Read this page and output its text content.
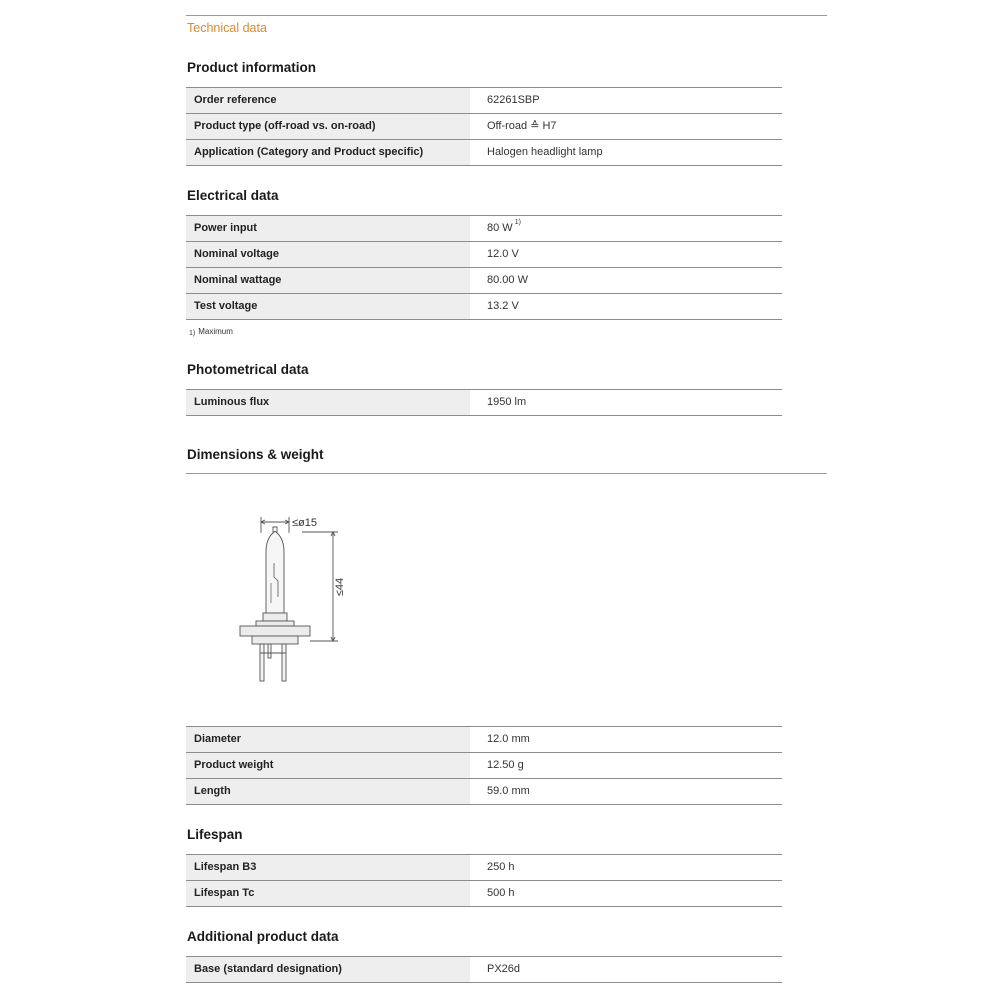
Technical data
Product information
Order reference	62261SBP
Product type (off-road vs. on-road)	Off-road ≙ H7
Application (Category and Product specific)	Halogen headlight lamp
Electrical data
Power input	80 W $^{1)}$
Nominal voltage	12.0 V
Nominal wattage	80.00 W
Test voltage	13.2 V
$^{1)}$ Maximum
Photometrical data
Luminous flux	1950 lm
Dimensions & weight
≤ø15
≤44
Diameter	12.0 mm
Product weight	12.50 g
Length	59.0 mm
Lifespan
Lifespan B3	250 h
Lifespan Tc	500 h
Additional product data
Base (standard designation)	PX26d
